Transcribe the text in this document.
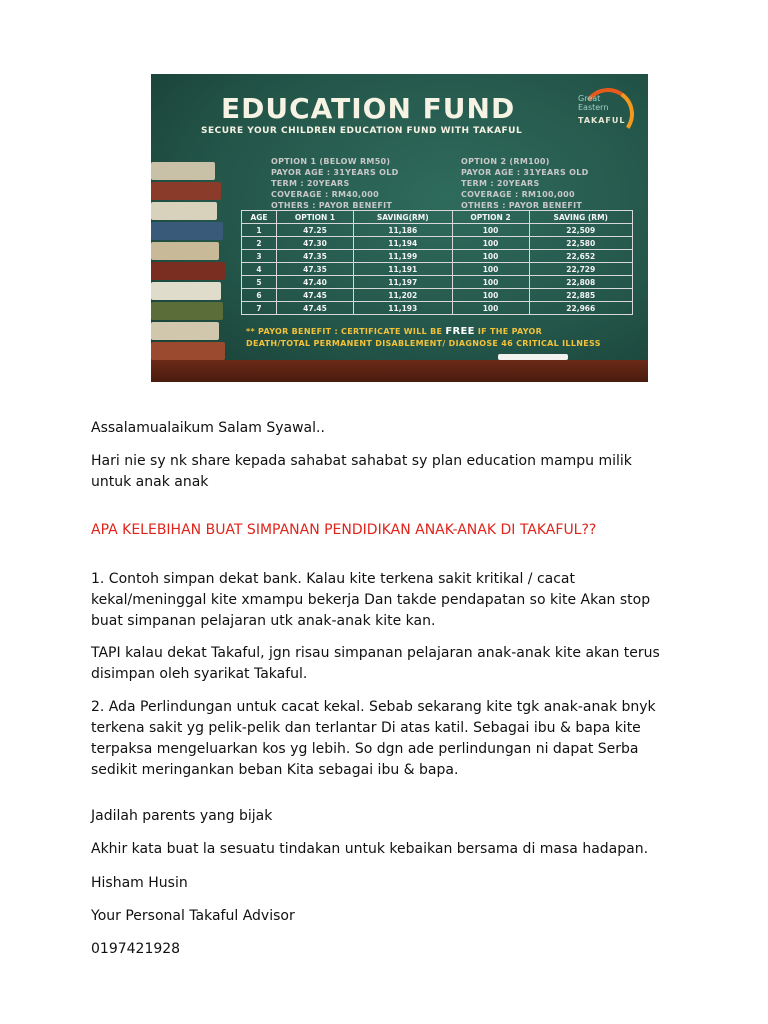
EDUCATION FUND
SECURE YOUR CHILDREN EDUCATION FUND WITH TAKAFUL
Great
Eastern
TAKAFUL
OPTION 1 (BELOW RM50)
PAYOR AGE : 31YEARS OLD
TERM : 20YEARS
COVERAGE : RM40,000
OTHERS : PAYOR BENEFIT
OPTION 2 (RM100)
PAYOR AGE : 31YEARS OLD
TERM : 20YEARS
COVERAGE : RM100,000
OTHERS : PAYOR BENEFIT
AGE	OPTION 1	SAVING(RM)	OPTION 2	SAVING (RM)
1	47.25	11,186	100	22,509
2	47.30	11,194	100	22,580
3	47.35	11,199	100	22,652
4	47.35	11,191	100	22,729
5	47.40	11,197	100	22,808
6	47.45	11,202	100	22,885
7	47.45	11,193	100	22,966
** PAYOR BENEFIT : CERTIFICATE WILL BE FREE IF THE PAYOR
DEATH/TOTAL PERMANENT DISABLEMENT/ DIAGNOSE 46 CRITICAL ILLNESS
Assalamualaikum Salam Syawal..
Hari nie sy nk share kepada sahabat sahabat sy plan education mampu milik
untuk anak anak
APA KELEBIHAN BUAT SIMPANAN PENDIDIKAN ANAK-ANAK DI TAKAFUL??
1. Contoh simpan dekat bank. Kalau kite terkena sakit kritikal / cacat
kekal/meninggal kite xmampu bekerja Dan takde pendapatan so kite Akan stop
buat simpanan pelajaran utk anak-anak kite kan.
TAPI kalau dekat Takaful, jgn risau simpanan pelajaran anak-anak kite akan terus
disimpan oleh syarikat Takaful.
2. Ada Perlindungan untuk cacat kekal. Sebab sekarang kite tgk anak-anak bnyk
terkena sakit yg pelik-pelik dan terlantar Di atas katil. Sebagai ibu & bapa kite
terpaksa mengeluarkan kos yg lebih. So dgn ade perlindungan ni dapat Serba
sedikit meringankan beban Kita sebagai ibu & bapa.
Jadilah parents yang bijak
Akhir kata buat la sesuatu tindakan untuk kebaikan bersama di masa hadapan.
Hisham Husin
Your Personal Takaful Advisor
0197421928
